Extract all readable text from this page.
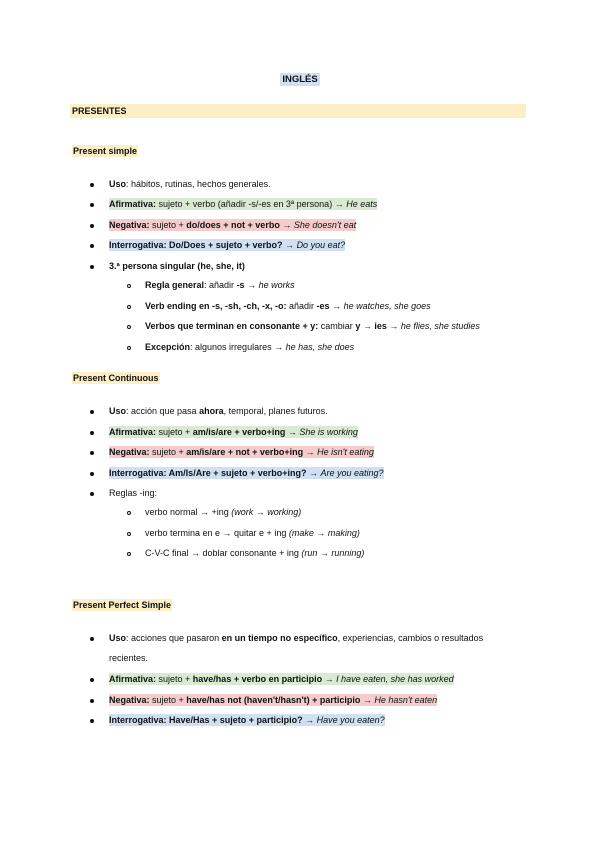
INGLÉS
PRESENTES
Present simple
Uso: hábitos, rutinas, hechos generales.
Afirmativa: sujeto + verbo (añadir -s/-es en 3ª persona) → He eats
Negativa: sujeto + do/does + not + verbo → She doesn't eat
Interrogativa: Do/Does + sujeto + verbo? → Do you eat?
3.ª persona singular (he, she, it)
Regla general: añadir -s → he works
Verb ending en -s, -sh, -ch, -x, -o: añadir -es → he watches, she goes
Verbos que terminan en consonante + y: cambiar y → ies → he flies, she studies
Excepción: algunos irregulares → he has, she does
Present Continuous
Uso: acción que pasa ahora, temporal, planes futuros.
Afirmativa: sujeto + am/is/are + verbo+ing → She is working
Negativa: sujeto + am/is/are + not + verbo+ing → He isn't eating
Interrogativa: Am/Is/Are + sujeto + verbo+ing? → Are you eating?
Reglas -ing:
verbo normal → +ing (work → working)
verbo termina en e → quitar e + ing (make → making)
C-V-C final → doblar consonante + ing (run → running)
Present Perfect Simple
Uso: acciones que pasaron en un tiempo no específico, experiencias, cambios o resultados
recientes.
Afirmativa: sujeto + have/has + verbo en participio → I have eaten, she has worked
Negativa: sujeto + have/has not (haven't/hasn't) + participio → He hasn't eaten
Interrogativa: Have/Has + sujeto + participio? → Have you eaten?
